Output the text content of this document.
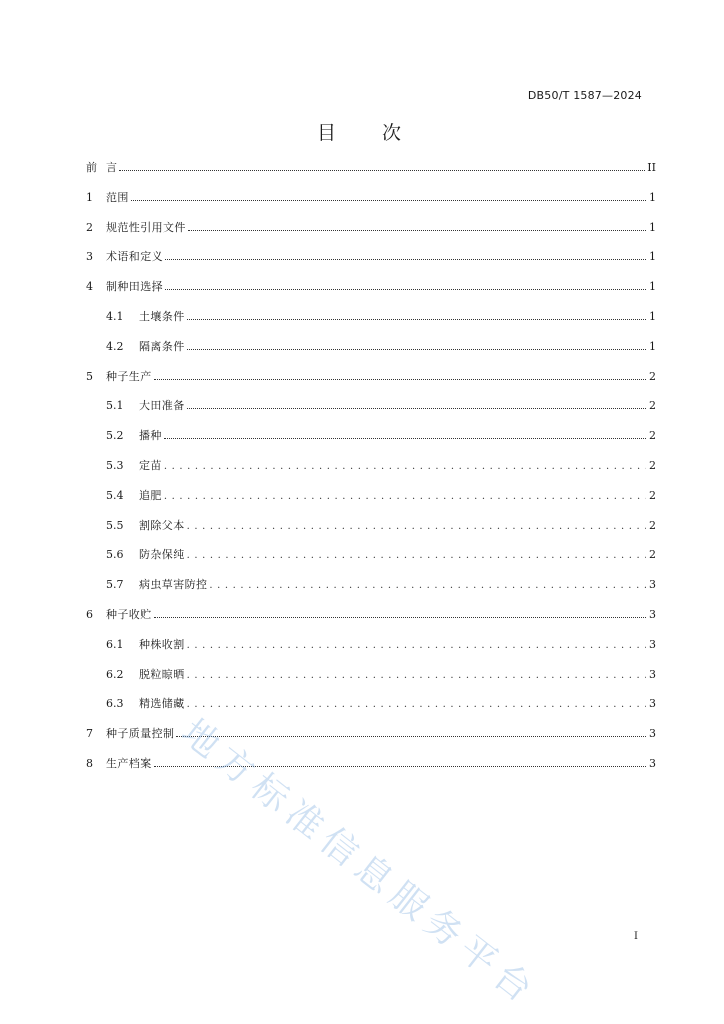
DB50/T 1587—2024
目 次
前 言	II
1	范围	1
2	规范性引用文件	1
3	术语和定义	1
4	制种田选择	1
4.1	土壤条件	1
4.2	隔离条件	1
5	种子生产	2
5.1	大田准备	2
5.2	播种	2
5.3	定苗 . . .	2
5.4	追肥 . . .	2
5.5	割除父本 . . .	2
5.6	防杂保纯 . . .	2
5.7	病虫草害防控 . . .	3
6	种子收贮	3
6.1	种株收割 . . .	3
6.2	脱粒晾晒 . . .	3
6.3	精选储藏 . . .	3
7	种子质量控制	3
8	生产档案	3
I
地方标准信息服务平台
